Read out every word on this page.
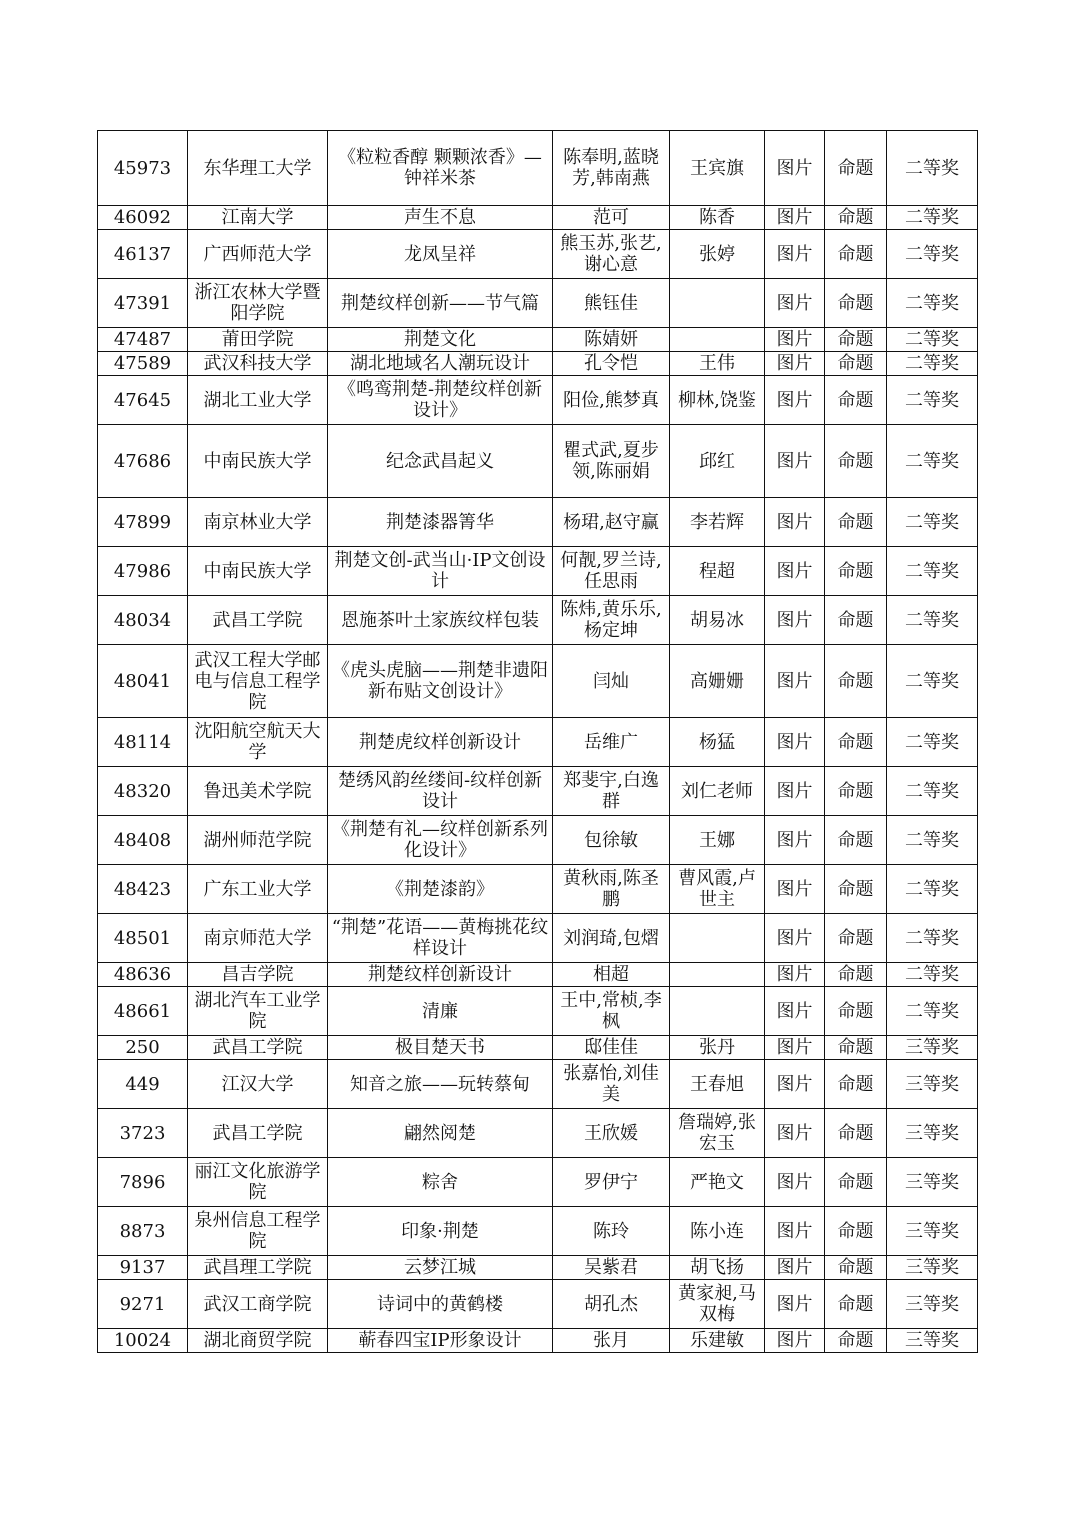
45973	东华理工大学	《粒粒香醇 颗颗浓香》—钟祥米茶	陈奉明,蓝晓芳,韩南燕	王宾旗	图片	命题	二等奖
46092	江南大学	声生不息	范可	陈香	图片	命题	二等奖
46137	广西师范大学	龙凤呈祥	熊玉苏,张艺,谢心意	张婷	图片	命题	二等奖
47391	浙江农林大学暨阳学院	荆楚纹样创新——节气篇	熊钰佳		图片	命题	二等奖
47487	莆田学院	荆楚文化	陈婧妍		图片	命题	二等奖
47589	武汉科技大学	湖北地域名人潮玩设计	孔令恺	王伟	图片	命题	二等奖
47645	湖北工业大学	《鸣鸾荆楚-荆楚纹样创新设计》	阳俭,熊梦真	柳林,饶鉴	图片	命题	二等奖
47686	中南民族大学	纪念武昌起义	瞿式武,夏步领,陈丽娟	邱红	图片	命题	二等奖
47899	南京林业大学	荆楚漆器箐华	杨珺,赵守赢	李若辉	图片	命题	二等奖
47986	中南民族大学	荆楚文创-武当山·IP文创设计	何靓,罗兰诗,任思雨	程超	图片	命题	二等奖
48034	武昌工学院	恩施茶叶土家族纹样包装	陈炜,黄乐乐,杨定坤	胡易冰	图片	命题	二等奖
48041	武汉工程大学邮电与信息工程学院	《虎头虎脑——荆楚非遗阳新布贴文创设计》	闫灿	高姗姗	图片	命题	二等奖
48114	沈阳航空航天大学	荆楚虎纹样创新设计	岳维广	杨猛	图片	命题	二等奖
48320	鲁迅美术学院	楚绣风韵丝缕间-纹样创新设计	郑斐宇,白逸群	刘仁老师	图片	命题	二等奖
48408	湖州师范学院	《荆楚有礼—纹样创新系列化设计》	包徐敏	王娜	图片	命题	二等奖
48423	广东工业大学	《荆楚漆韵》	黄秋雨,陈圣鹏	曹风霞,卢世主	图片	命题	二等奖
48501	南京师范大学	“荆楚”花语——黄梅挑花纹样设计	刘润琦,包熠		图片	命题	二等奖
48636	昌吉学院	荆楚纹样创新设计	相超		图片	命题	二等奖
48661	湖北汽车工业学院	清廉	王中,常桢,李枫		图片	命题	二等奖
250	武昌工学院	极目楚天书	邸佳佳	张丹	图片	命题	三等奖
449	江汉大学	知音之旅——玩转蔡甸	张嘉怡,刘佳美	王春旭	图片	命题	三等奖
3723	武昌工学院	翩然阅楚	王欣媛	詹瑞婷,张宏玉	图片	命题	三等奖
7896	丽江文化旅游学院	粽舍	罗伊宁	严艳文	图片	命题	三等奖
8873	泉州信息工程学院	印象·荆楚	陈玲	陈小连	图片	命题	三等奖
9137	武昌理工学院	云梦江城	吴紫君	胡飞扬	图片	命题	三等奖
9271	武汉工商学院	诗词中的黄鹤楼	胡孔杰	黄家昶,马双梅	图片	命题	三等奖
10024	湖北商贸学院	蕲春四宝IP形象设计	张月	乐建敏	图片	命题	三等奖
